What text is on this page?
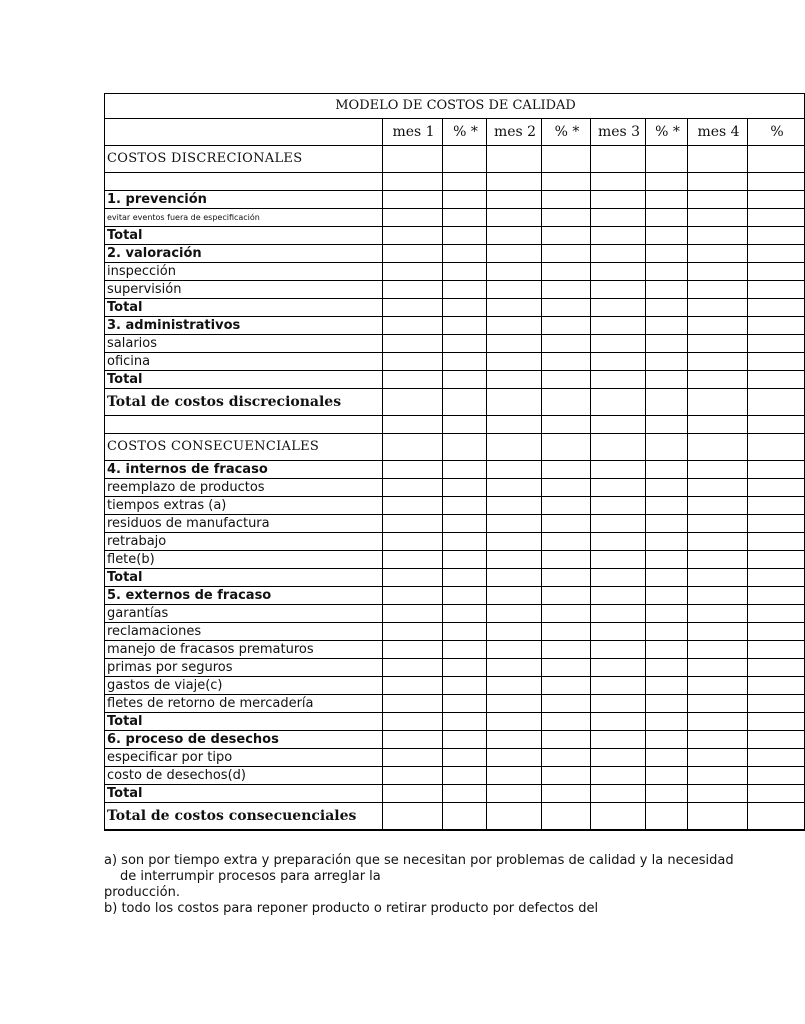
MODELO DE COSTOS DE CALIDAD								
	mes 1	% *	mes 2	% *	mes 3	% *	mes 4	%
COSTOS DISCRECIONALES								

1. prevención								
evitar eventos fuera de especificación								
Total								
2. valoración								
inspección								
supervisión								
Total								
3. administrativos								
salarios								
oficina								
Total								
Total de costos discrecionales								

COSTOS CONSECUENCIALES								
4. internos de fracaso								
reemplazo de productos								
tiempos extras (a)								
residuos de manufactura								
retrabajo								
flete(b)								
Total								
5. externos de fracaso								
garantías								
reclamaciones								
manejo de fracasos prematuros								
primas por seguros								
gastos de viaje(c)								
fletes de retorno de mercadería								
Total								
6. proceso de desechos								
especificar por tipo								
costo de desechos(d)								
Total								
Total de costos consecuenciales								

a) son por tiempo extra y preparación que se necesitan por problemas de calidad y la necesidad

de interrumpir procesos para arreglar la

producción.

b) todo los costos para reponer producto o retirar producto por defectos del
